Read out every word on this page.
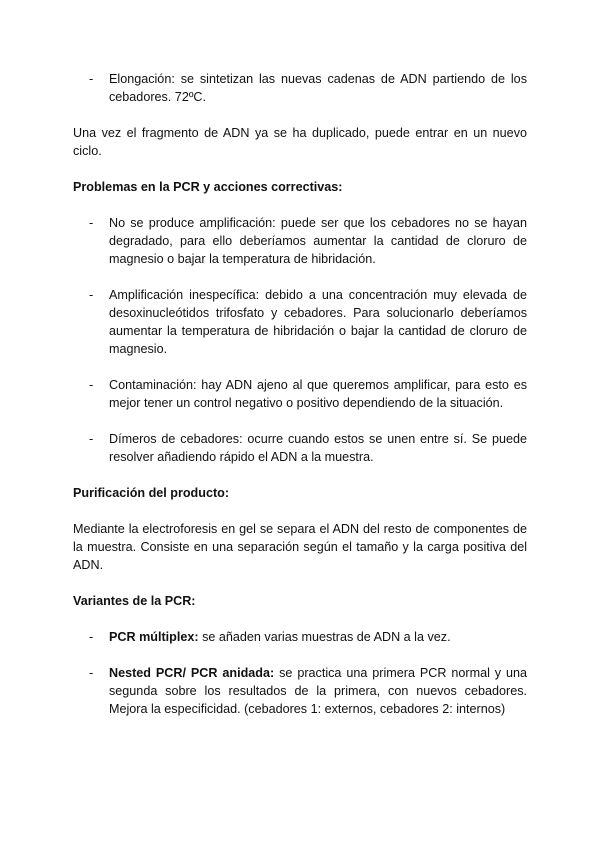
- Elongación: se sintetizan las nuevas cadenas de ADN partiendo de los cebadores. 72ºC.

Una vez el fragmento de ADN ya se ha duplicado, puede entrar en un nuevo ciclo.

Problemas en la PCR y acciones correctivas:

- No se produce amplificación: puede ser que los cebadores no se hayan degradado, para ello deberíamos aumentar la cantidad de cloruro de magnesio o bajar la temperatura de hibridación.
- Amplificación inespecífica: debido a una concentración muy elevada de desoxinucleótidos trifosfato y cebadores. Para solucionarlo deberíamos aumentar la temperatura de hibridación o bajar la cantidad de cloruro de magnesio.
- Contaminación: hay ADN ajeno al que queremos amplificar, para esto es mejor tener un control negativo o positivo dependiendo de la situación.
- Dímeros de cebadores: ocurre cuando estos se unen entre sí. Se puede resolver añadiendo rápido el ADN a la muestra.

Purificación del producto:

Mediante la electroforesis en gel se separa el ADN del resto de componentes de la muestra. Consiste en una separación según el tamaño y la carga positiva del ADN.

Variantes de la PCR:

- PCR múltiplex: se añaden varias muestras de ADN a la vez.
- Nested PCR/ PCR anidada: se practica una primera PCR normal y una segunda sobre los resultados de la primera, con nuevos cebadores. Mejora la especificidad. (cebadores 1: externos, cebadores 2: internos)
